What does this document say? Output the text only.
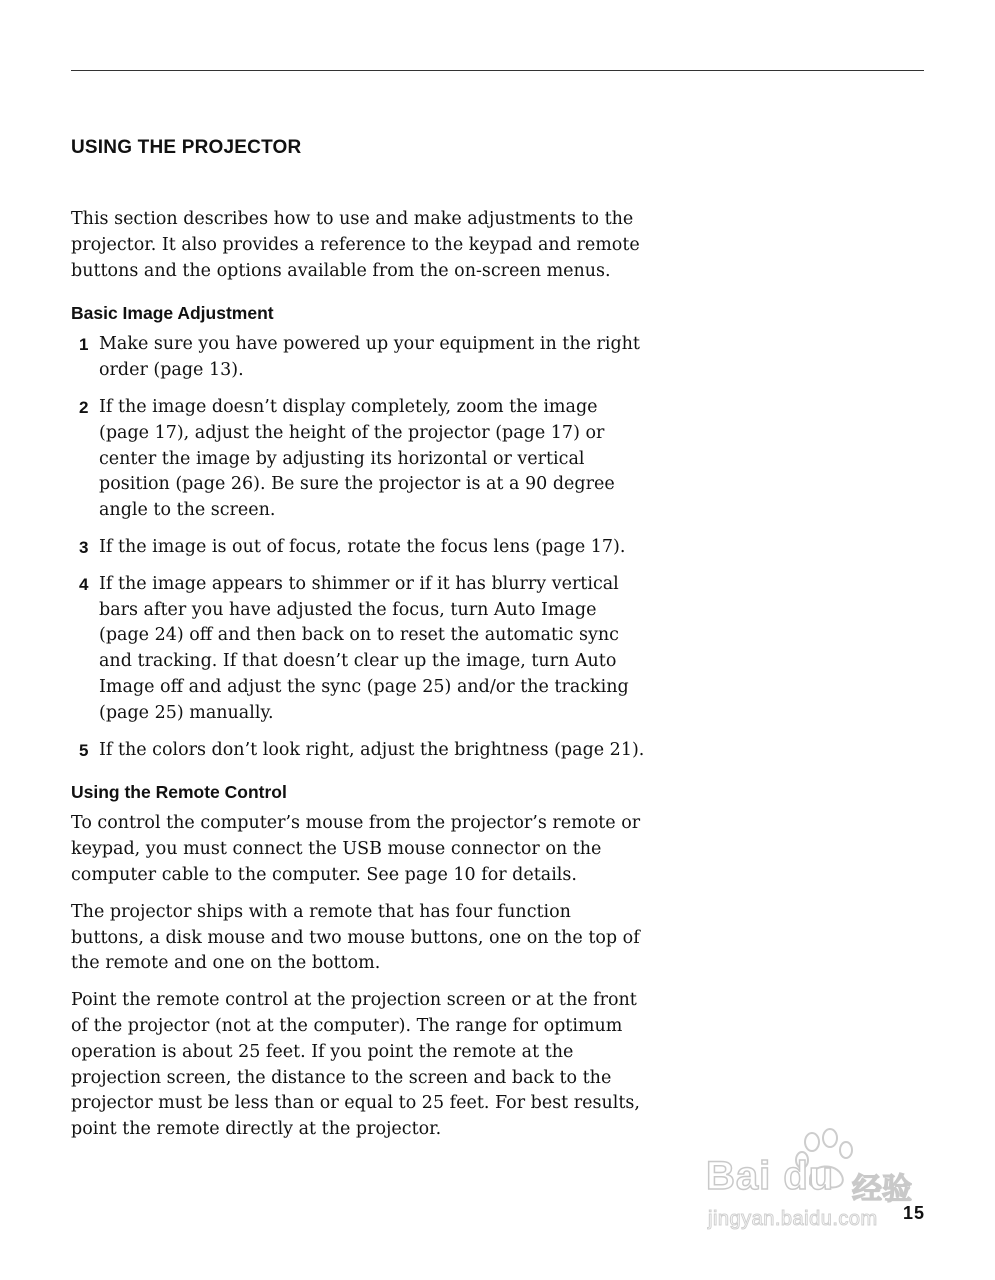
USING THE PROJECTOR

This section describes how to use and make adjustments to the projector. It also provides a reference to the keypad and remote buttons and the options available from the on-screen menus.

Basic Image Adjustment
1 Make sure you have powered up your equipment in the right order (page 13).
2 If the image doesn’t display completely, zoom the image (page 17), adjust the height of the projector (page 17) or center the image by adjusting its horizontal or vertical position (page 26). Be sure the projector is at a 90 degree angle to the screen.
3 If the image is out of focus, rotate the focus lens (page 17).
4 If the image appears to shimmer or if it has blurry vertical bars after you have adjusted the focus, turn Auto Image (page 24) off and then back on to reset the automatic sync and tracking. If that doesn’t clear up the image, turn Auto Image off and adjust the sync (page 25) and/or the tracking (page 25) manually.
5 If the colors don’t look right, adjust the brightness (page 21).
Using the Remote Control

To control the computer’s mouse from the projector’s remote or keypad, you must connect the USB mouse connector on the computer cable to the computer. See page 10 for details.

The projector ships with a remote that has four function buttons, a disk mouse and two mouse buttons, one on the top of the remote and one on the bottom.

Point the remote control at the projection screen or at the front of the projector (not at the computer). The range for optimum operation is about 25 feet. If you point the remote at the projection screen, the distance to the screen and back to the projector must be less than or equal to 25 feet. For best results, point the remote directly at the projector.

Bai du 经验
jingyan.baidu.com 15
